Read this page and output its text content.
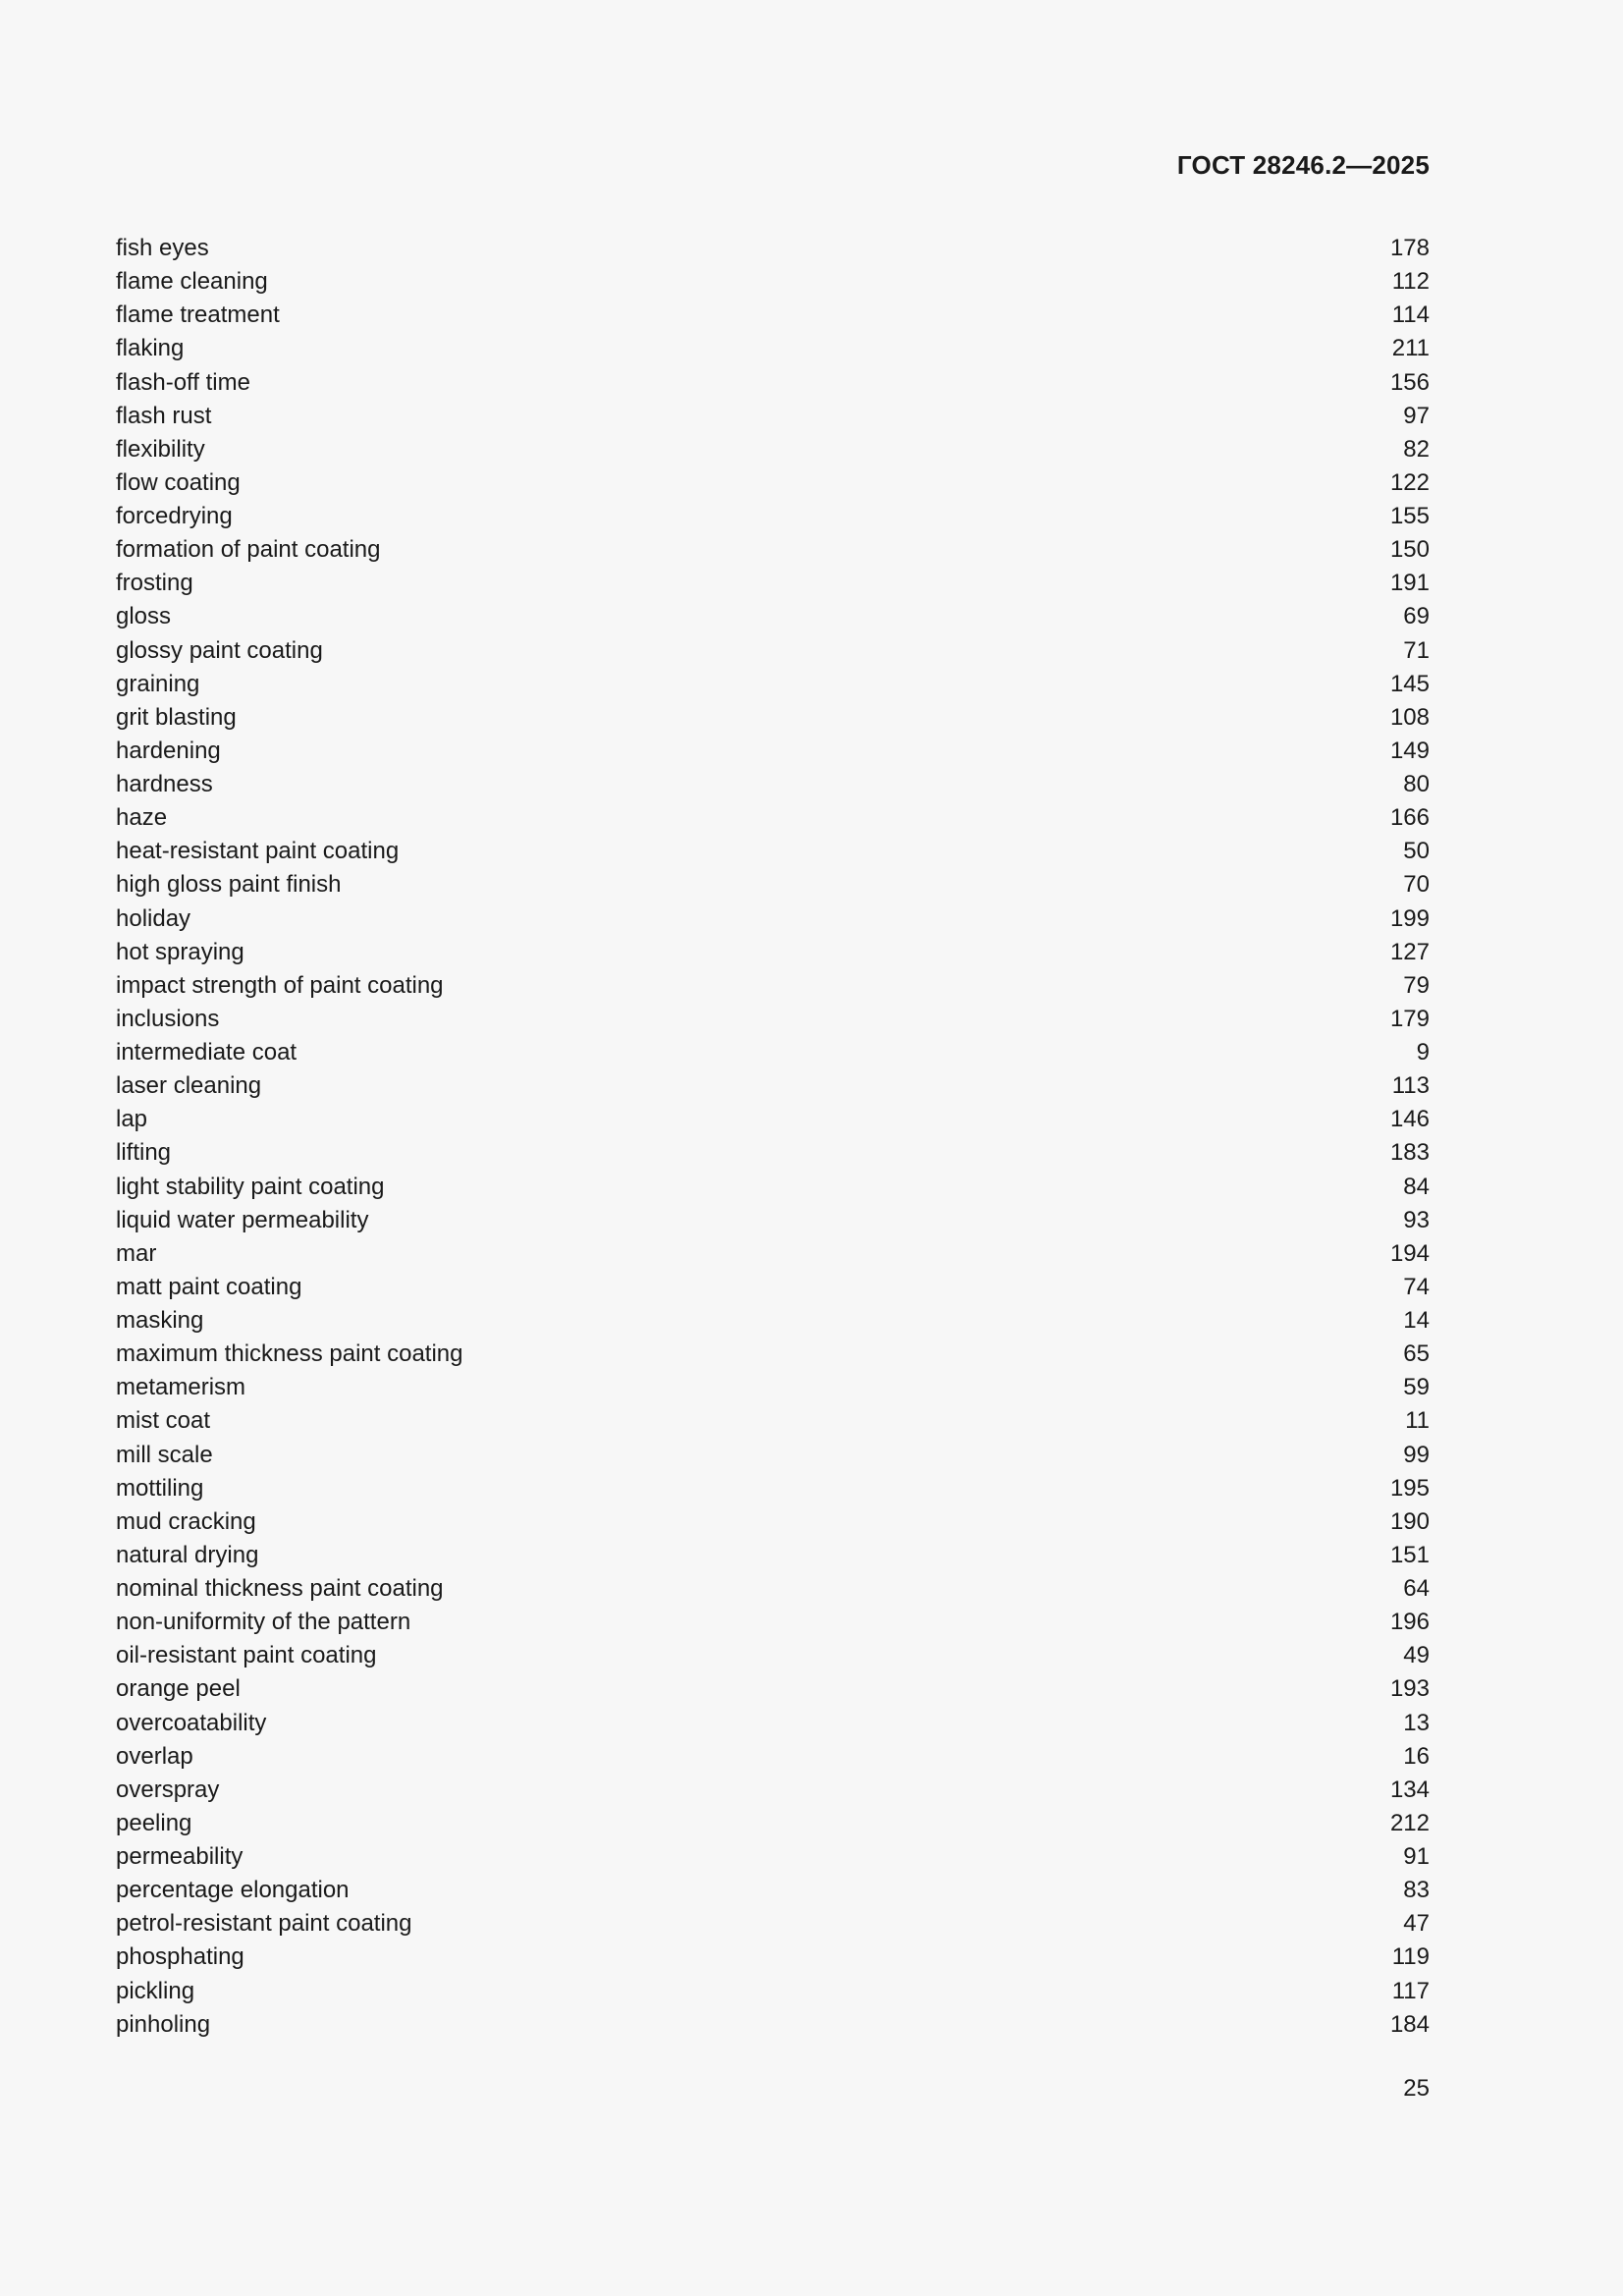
ГОСТ 28246.2—2025
fish eyes	178
flame cleaning	112
flame treatment	114
flaking	211
flash-off time	156
flash rust	97
flexibility	82
flow coating	122
forcedrying	155
formation of paint coating	150
frosting	191
gloss	69
glossy paint coating	71
graining	145
grit blasting	108
hardening	149
hardness	80
haze	166
heat-resistant paint coating	50
high gloss paint finish	70
holiday	199
hot spraying	127
impact strength of paint coating	79
inclusions	179
intermediate coat	9
laser cleaning	113
lap	146
lifting	183
light stability paint coating	84
liquid water permeability	93
mar	194
matt paint coating	74
masking	14
maximum thickness paint coating	65
metamerism	59
mist coat	11
mill scale	99
mottiling	195
mud cracking	190
natural drying	151
nominal thickness paint coating	64
non-uniformity of the pattern	196
oil-resistant paint coating	49
orange peel	193
overcoatability	13
overlap	16
overspray	134
peeling	212
permeability	91
percentage elongation	83
petrol-resistant paint coating	47
phosphating	119
pickling	117
pinholing	184
25
